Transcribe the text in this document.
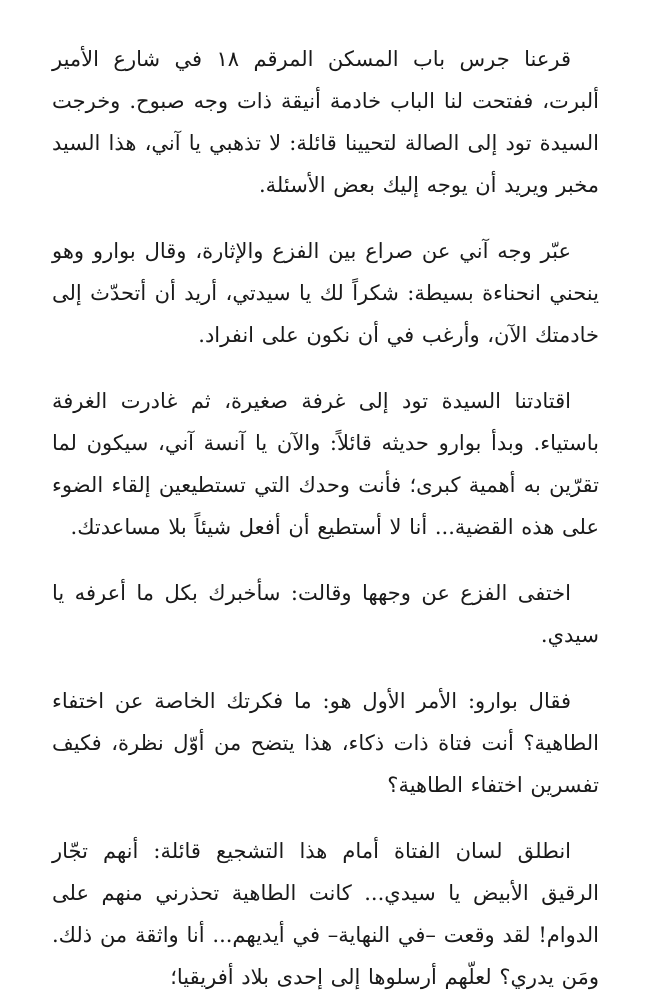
قرعنا جرس باب المسكن المرقم ١٨ في شارع الأمير ألبرت، ففتحت لنا الباب خادمة أنيقة ذات وجه صبوح. وخرجت السيدة تود إلى الصالة لتحيينا قائلة: لا تذهبي يا آني، هذا السيد مخبر ويريد أن يوجه إليك بعض الأسئلة.

عبّر وجه آني عن صراع بين الفزع والإثارة، وقال بوارو وهو ينحني انحناءة بسيطة: شكراً لك يا سيدتي، أريد أن أتحدّث إلى خادمتك الآن، وأرغب في أن نكون على انفراد.

اقتادتنا السيدة تود إلى غرفة صغيرة، ثم غادرت الغرفة باستياء. وبدأ بوارو حديثه قائلاً: والآن يا آنسة آني، سيكون لما تقرّين به أهمية كبرى؛ فأنت وحدك التي تستطيعين إلقاء الضوء على هذه القضية... أنا لا أستطيع أن أفعل شيئاً بلا مساعدتك.

اختفى الفزع عن وجهها وقالت: سأخبرك بكل ما أعرفه يا سيدي.

فقال بوارو: الأمر الأول هو: ما فكرتك الخاصة عن اختفاء الطاهية؟ أنت فتاة ذات ذكاء، هذا يتضح من أوّل نظرة، فكيف تفسرين اختفاء الطاهية؟

انطلق لسان الفتاة أمام هذا التشجيع قائلة: أنهم تجّار الرقيق الأبيض يا سيدي... كانت الطاهية تحذرني منهم على الدوام! لقد وقعت –في النهاية– في أيديهم... أنا واثقة من ذلك. ومَن يدري؟ لعلّهم أرسلوها إلى إحدى بلاد أفريقيا؛
